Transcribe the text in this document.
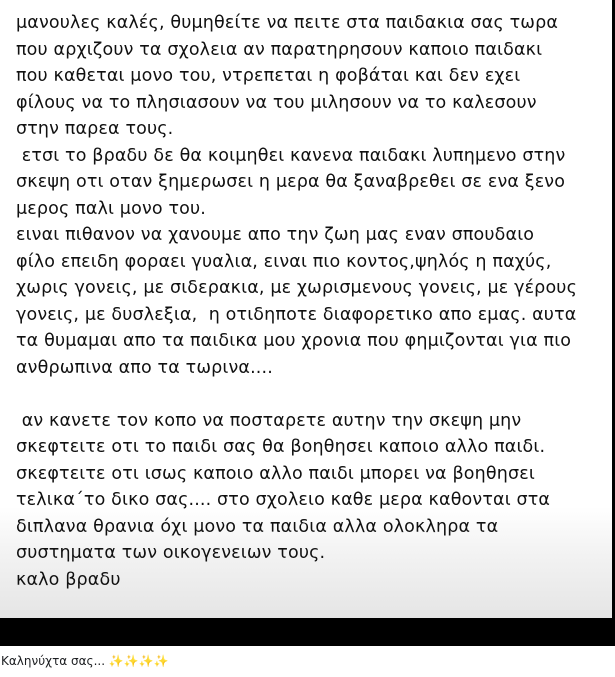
μανουλες καλές, θυμηθείτε να πειτε στα παιδακια σας τωρα
που αρχιζουν τα σχολεια αν παρατηρησουν καποιο παιδακι
που καθεται μονο του, ντρεπεται η φοβάται και δεν εχει
φίλους να το πλησιασουν να του μιλησουν να το καλεσουν
στην παρεα τους.
ετσι το βραδυ δε θα κοιμηθει κανενα παιδακι λυπημενο στην
σκεψη οτι οταν ξημερωσει η μερα θα ξαναβρεθει σε ενα ξενο
μερος παλι μονο του.
ειναι πιθανον να χανουμε απο την ζωη μας εναν σπουδαιο
φίλο επειδη φοραει γυαλια, ειναι πιο κοντος,ψηλός η παχύς,
χωρις γονεις, με σιδερακια, με χωρισμενους γονεις, με γέρους
γονεις, με δυσλεξια,  η οτιδηποτε διαφορετικο απο εμας. αυτα
τα θυμαμαι απο τα παιδικα μου χρονια που φημιζονται για πιο
ανθρωπινα απο τα τωρινα....

αν κανετε τον κοπο να ποσταρετε αυτην την σκεψη μην
σκεφτειτε οτι το παιδι σας θα βοηθησει καποιο αλλο παιδι.
σκεφτειτε οτι ισως καποιο αλλο παιδι μπορει να βοηθησει
τελικα΄το δικο σας.... στο σχολειο καθε μερα καθονται στα
διπλανα θρανια όχι μονο τα παιδια αλλα ολοκληρα τα
συστηματα των οικογενειων τους.
καλο βραδυ

Καληνύχτα σας... ✨✨✨✨
